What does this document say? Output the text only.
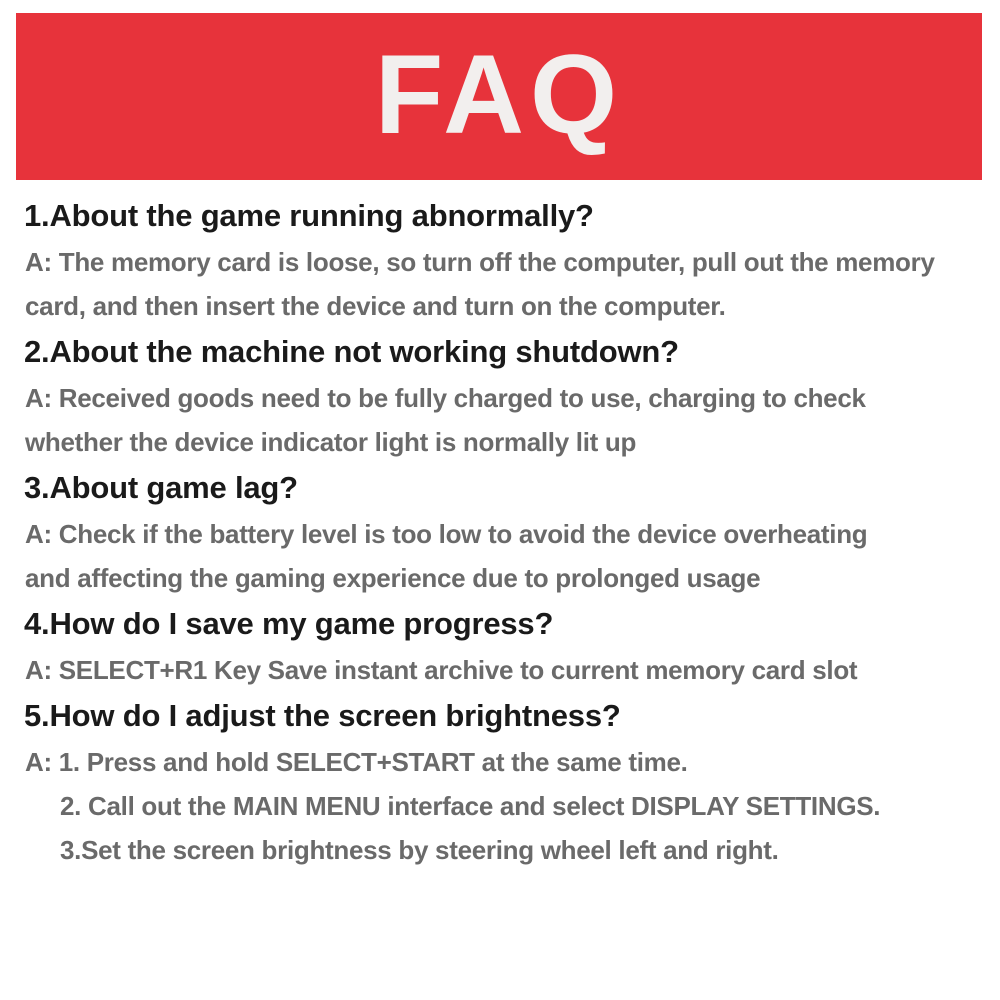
FAQ
1.About the game running abnormally?
A: The memory card is loose, so turn off the computer, pull out the memory
card, and then insert the device and turn on the computer.
2.About the machine not working shutdown?
A: Received goods need to be fully charged to use, charging to check
whether the device indicator light is normally lit up
3.About game lag?
A: Check if the battery level is too low to avoid the device overheating
and affecting the gaming experience due to prolonged usage
4.How do I save my game progress?
A: SELECT+R1 Key Save instant archive to current memory card slot
5.How do I adjust the screen brightness?
A: 1. Press and hold SELECT+START at the same time.
2. Call out the MAIN MENU interface and select DISPLAY SETTINGS.
3.Set the screen brightness by steering wheel left and right.
